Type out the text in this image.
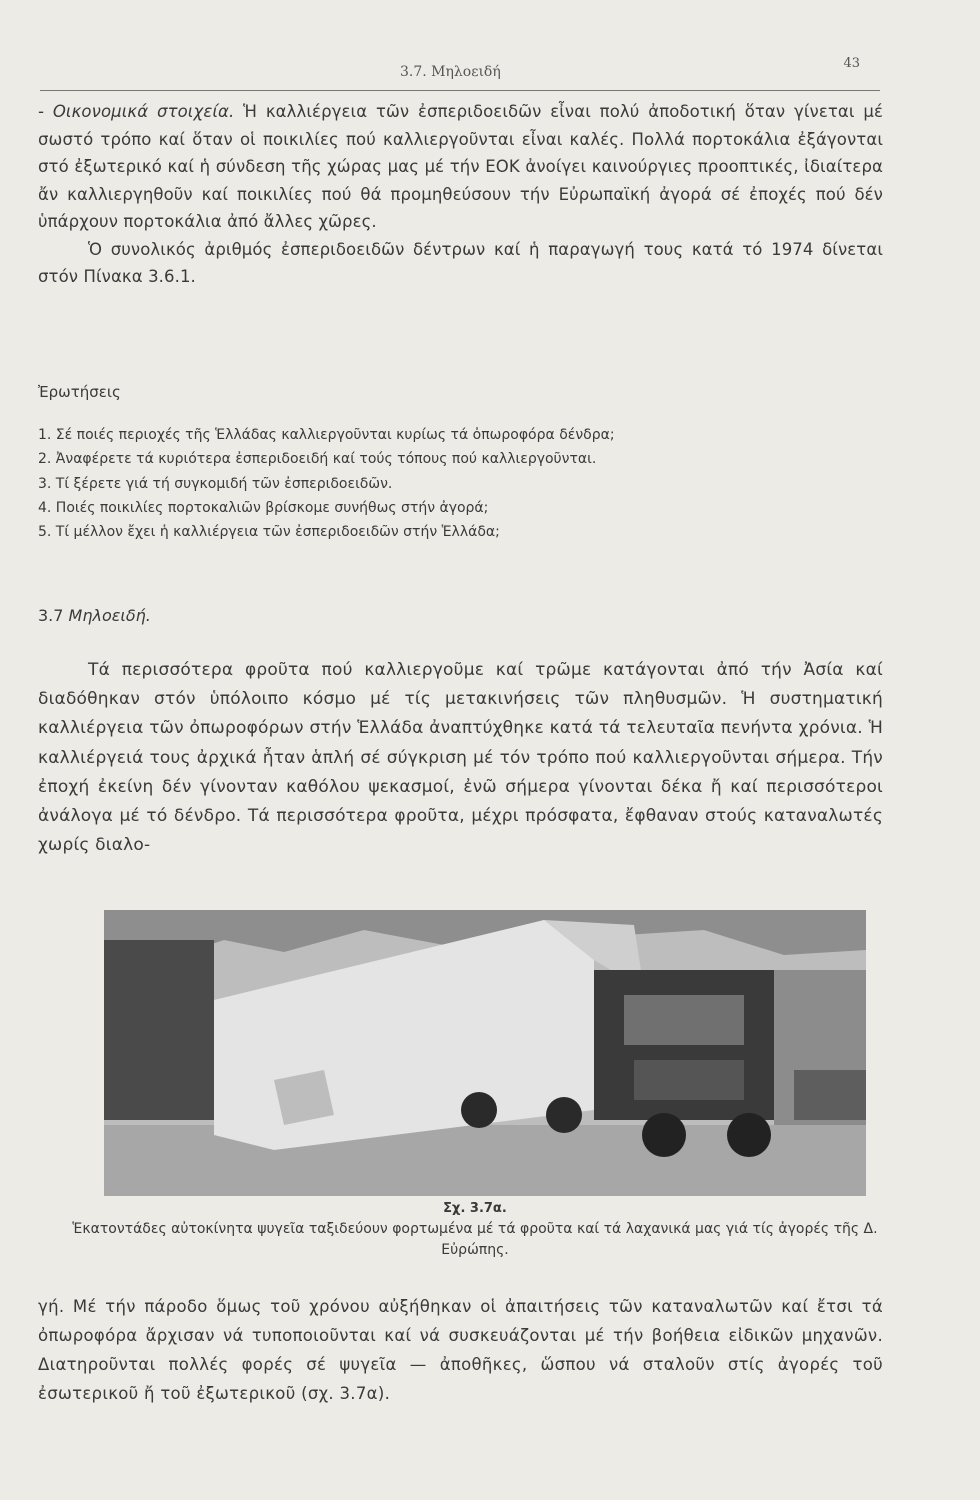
3.7. Μηλοειδή
43

- Οικονομικά στοιχεία. Ἡ καλλιέργεια τῶν ἐσπεριδοειδῶν εἶναι πολύ ἀποδοτική ὅταν γίνεται μέ σωστό τρόπο καί ὅταν οἱ ποικιλίες πού καλλιεργοῦνται εἶναι καλές. Πολλά πορτοκάλια ἐξάγονται στό ἐξωτερικό καί ἡ σύνδεση τῆς χώρας μας μέ τήν ΕΟΚ ἀνοίγει καινούργιες προοπτικές, ἰδιαίτερα ἄν καλλιεργηθοῦν καί ποικιλίες πού θά προμηθεύσουν τήν Εὐρωπαϊκή ἀγορά σέ ἐποχές πού δέν ὑπάρχουν πορτοκάλια ἀπό ἄλλες χῶρες.

Ὁ συνολικός ἀριθμός ἐσπεριδοειδῶν δέντρων καί ἡ παραγωγή τους κατά τό 1974 δίνεται στόν Πίνακα 3.6.1.

Ἐρωτήσεις

1. Σέ ποιές περιοχές τῆς Ἑλλάδας καλλιεργοῦνται κυρίως τά ὀπωροφόρα δένδρα;
2. Ἀναφέρετε τά κυριότερα ἐσπεριδοειδή καί τούς τόπους πού καλλιεργοῦνται.
3. Τί ξέρετε γιά τή συγκομιδή τῶν ἐσπεριδοειδῶν.
4. Ποιές ποικιλίες πορτοκαλιῶν βρίσκομε συνήθως στήν ἀγορά;
5. Τί μέλλον ἔχει ἡ καλλιέργεια τῶν ἐσπεριδοειδῶν στήν Ἑλλάδα;

3.7 Μηλοειδή.

Τά περισσότερα φροῦτα πού καλλιεργοῦμε καί τρῶμε κατάγονται ἀπό τήν Ἀσία καί διαδόθηκαν στόν ὑπόλοιπο κόσμο μέ τίς μετακινήσεις τῶν πληθυσμῶν. Ἡ συστηματική καλλιέργεια τῶν ὀπωροφόρων στήν Ἑλλάδα ἀναπτύχθηκε κατά τά τελευταῖα πενήντα χρόνια. Ἡ καλλιέργειά τους ἀρχικά ἦταν ἁπλή σέ σύγκριση μέ τόν τρόπο πού καλλιεργοῦνται σήμερα. Τήν ἐποχή ἐκείνη δέν γίνονταν καθόλου ψεκασμοί, ἐνῶ σήμερα γίνονται δέκα ἤ καί περισσότεροι ἀνάλογα μέ τό δένδρο. Τά περισσότερα φροῦτα, μέχρι πρόσφατα, ἔφθαναν στούς καταναλωτές χωρίς διαλο-

Σχ. 3.7α.
Ἑκατοντάδες αὐτοκίνητα ψυγεῖα ταξιδεύουν φορτωμένα μέ τά φροῦτα καί τά λαχανικά μας γιά τίς ἀγορές τῆς Δ. Εὐρώπης.

γή. Μέ τήν πάροδο ὅμως τοῦ χρόνου αὐξήθηκαν οἱ ἀπαιτήσεις τῶν καταναλωτῶν καί ἔτσι τά ὀπωροφόρα ἄρχισαν νά τυποποιοῦνται καί νά συσκευάζονται μέ τήν βοήθεια εἰδικῶν μηχανῶν. Διατηροῦνται πολλές φορές σέ ψυγεῖα — ἀποθῆκες, ὥσπου νά σταλοῦν στίς ἀγορές τοῦ ἐσωτερικοῦ ἤ τοῦ ἐξωτερικοῦ (σχ. 3.7α).
